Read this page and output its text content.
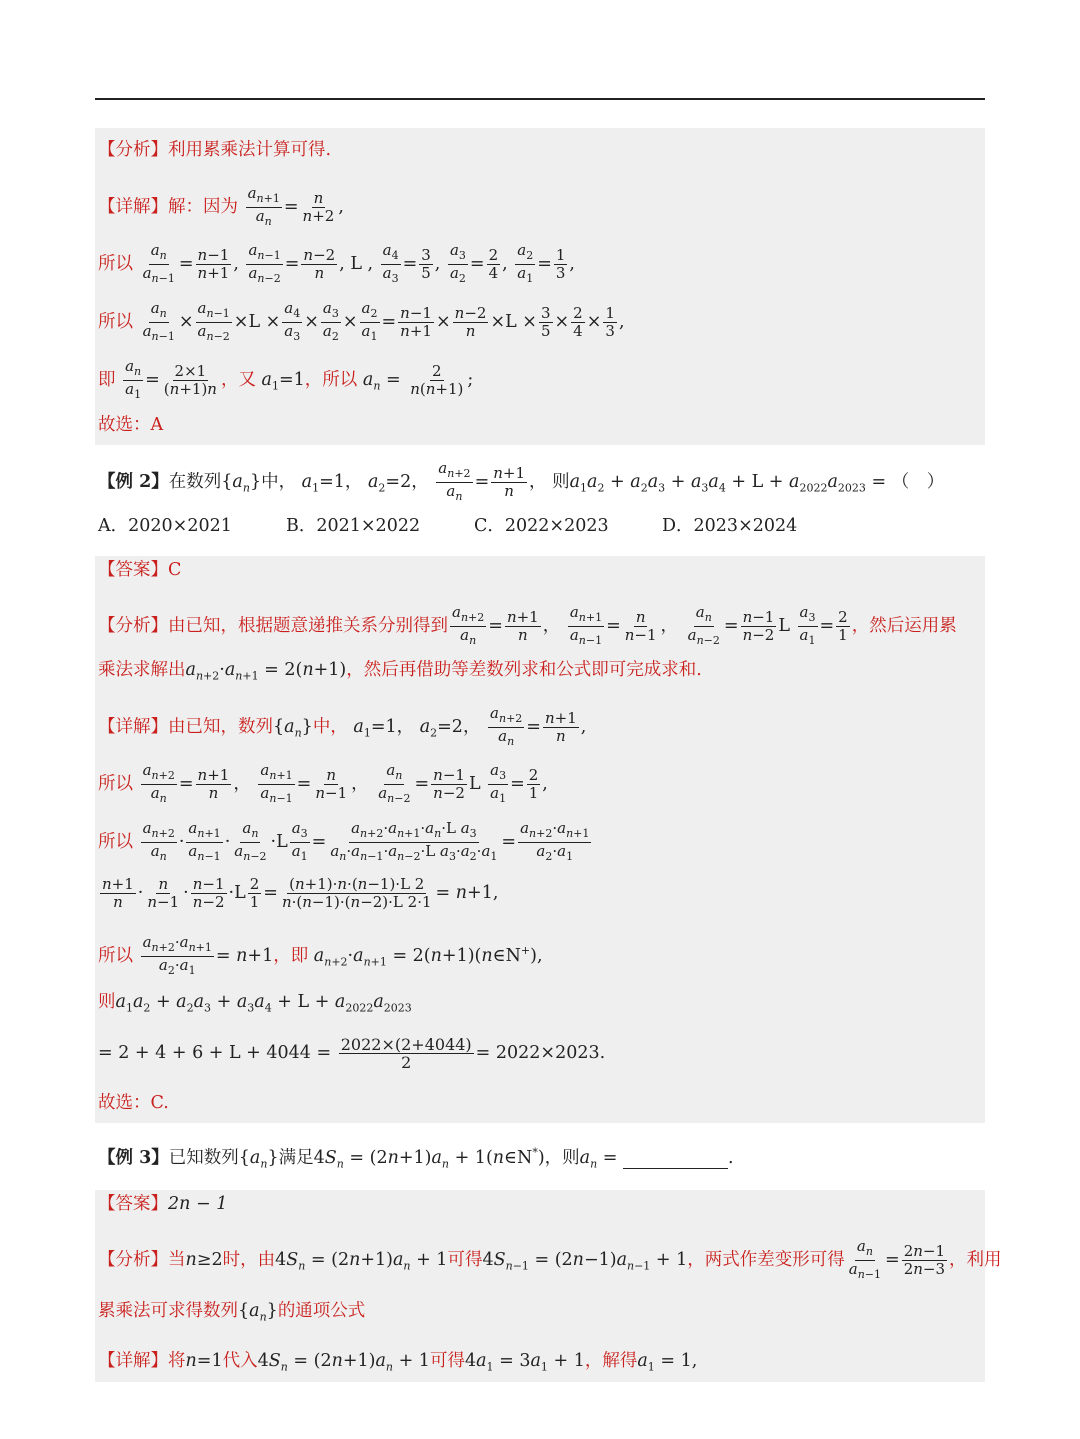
【分析】利用累乘法计算可得.
【详解】解：因为 $\frac{a_{n+1}}{a_n} = \frac{n}{n+2}$ ,
所以 $\frac{a_n}{a_{n-1}} = \frac{n-1}{n+1}$ , $\frac{a_{n-1}}{a_{n-2}} = \frac{n-2}{n}$ , L , $\frac{a_4}{a_3} = \frac{3}{5}$ , $\frac{a_3}{a_2} = \frac{2}{4}$ , $\frac{a_2}{a_1} = \frac{1}{3}$ ,
所以 $\frac{a_n}{a_{n-1}} \times \frac{a_{n-1}}{a_{n-2}} \times L \times \frac{a_4}{a_3} \times \frac{a_3}{a_2} \times \frac{a_2}{a_1} = \frac{n-1}{n+1} \times \frac{n-2}{n} \times L \times \frac{3}{5} \times \frac{2}{4} \times \frac{1}{3}$ ,
即 $\frac{a_n}{a_1} = \frac{2\times 1}{(n+1)n}$ ，又 $a_1=1$，所以 $a_n = \frac{2}{n(n+1)}$ ;
故选：A
【例 2】在数列$\{a_n\}$中， $a_1=1$， $a_2=2$， $\frac{a_{n+2}}{a_n} = \frac{n+1}{n}$ ， 则$a_1a_2 + a_2a_3 + a_3a_4 + L + a_{2022}a_{2023}$ = （　）
A．2020×2021	B．2021×2022	C．2022×2023	D．2023×2024
【答案】C
【分析】由已知，根据题意递推关系分别得到 $\frac{a_{n+2}}{a_n} = \frac{n+1}{n}$ ， $\frac{a_{n+1}}{a_{n-1}} = \frac{n}{n-1}$ ， $\frac{a_n}{a_{n-2}} = \frac{n-1}{n-2}$ L $\frac{a_3}{a_1} = \frac{2}{1}$ ，然后运用累
乘法求解出$a_{n+2}\cdot a_{n+1} = 2(n+1)$，然后再借助等差数列求和公式即可完成求和.
【详解】由已知，数列$\{a_n\}$中， $a_1=1$， $a_2=2$， $\frac{a_{n+2}}{a_n} = \frac{n+1}{n}$ ,
所以 $\frac{a_{n+2}}{a_n} = \frac{n+1}{n}$ ， $\frac{a_{n+1}}{a_{n-1}} = \frac{n}{n-1}$ ， $\frac{a_n}{a_{n-2}} = \frac{n-1}{n-2}$ L $\frac{a_3}{a_1} = \frac{2}{1}$ ,
所以 $\frac{a_{n+2}}{a_n} \cdot \frac{a_{n+1}}{a_{n-1}} \cdot \frac{a_n}{a_{n-2}} \cdot L \frac{a_3}{a_1} = \frac{a_{n+2}\cdot a_{n+1}\cdot a_n\cdot L a_3}{a_n\cdot a_{n-1}\cdot a_{n-2}\cdot L a_3\cdot a_2\cdot a_1} = \frac{a_{n+2}\cdot a_{n+1}}{a_2\cdot a_1}$
$\frac{n+1}{n} \cdot \frac{n}{n-1} \cdot \frac{n-1}{n-2} \cdot L \frac{2}{1} = \frac{(n+1)\cdot n\cdot(n-1)\cdot L 2}{n\cdot(n-1)\cdot(n-2)\cdot L 2\cdot 1} = n+1$,
所以 $\frac{a_{n+2}\cdot a_{n+1}}{a_2\cdot a_1} = n+1$，即 $a_{n+2}\cdot a_{n+1}$ = 2(n+1)(n∈N+),
则$a_1a_2 + a_2a_3 + a_3a_4 + L + a_{2022}a_{2023}$
= $2 + 4 + 6 + L + 4044 = \frac{2022\times(2+4044)}{2} = 2022\times 2023$.
故选：C.
【例 3】已知数列$\{a_n\}$满足$4S_n = (2n+1)a_n$ + 1(n∈N*)，则$a_n$ =	.
【答案】2n − 1
【分析】当n≥2时，由$4S_n = (2n+1)a_n + 1$可得$4S_{n-1} = (2n-1)a_{n-1} + 1$，两式作差变形可得 $\frac{a_n}{a_{n-1}} = \frac{2n-1}{2n-3}$ ，利用
累乘法可求得数列$\{a_n\}$的通项公式
【详解】将n=1代入$4S_n = (2n+1)a_n + 1$可得$4a_1 = 3a_1 + 1$，解得$a_1 = 1$,
